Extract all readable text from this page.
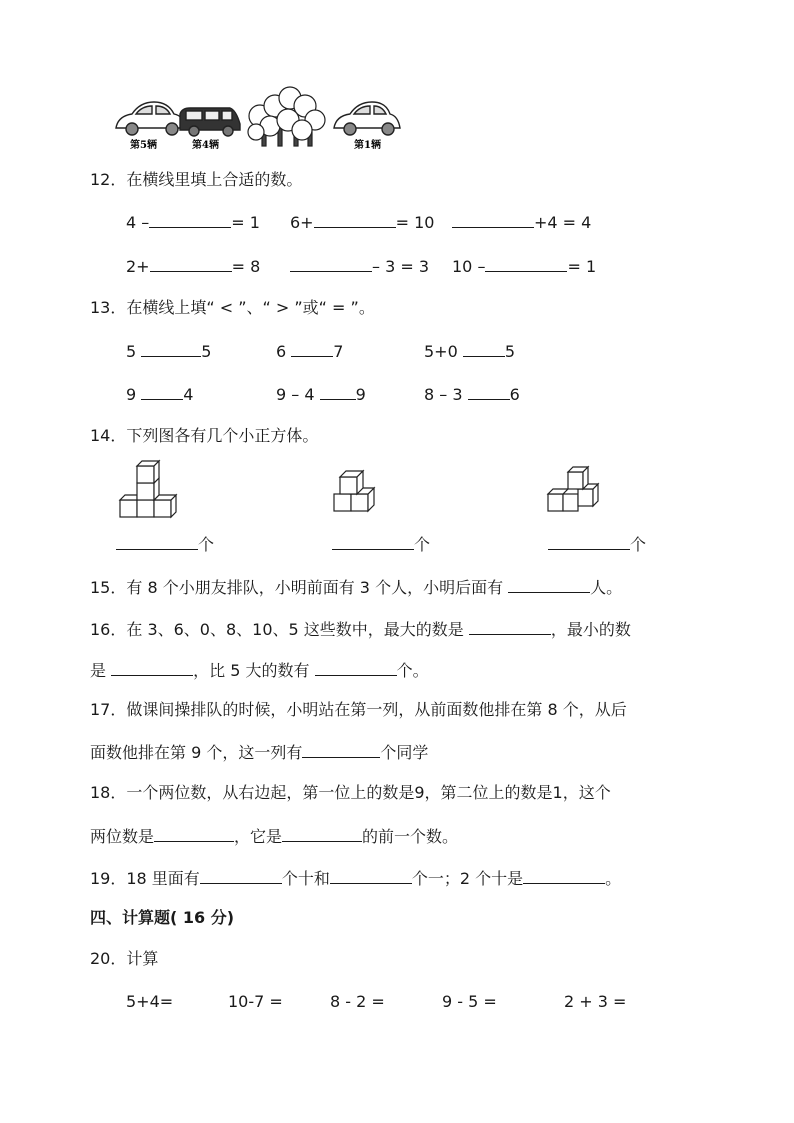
第5辆	第4辆	第1辆
12．在横线里填上合适的数。
4 –	= 1 6+	= 10	+4 = 4
2+	= 8	– 3 = 3 10 –	= 1
13．在横线上填“ < ”、“ > ”或“ = ”。
5	5	6	7	5+0	5
9	4	9 – 4	9	8 – 3	6
14．下列图各有几个小正方体。
个	个	个
15．有 8 个小朋友排队，小明前面有 3 个人，小明后面有	人。
16．在 3、6、0、8、10、5 这些数中，最大的数是	，最小的数
是	，比 5 大的数有	个。
17．做课间操排队的时候，小明站在第一列，从前面数他排在第 8 个，从后
面数他排在第 9 个，这一列有	个同学
18．一个两位数，从右边起，第一位上的数是9，第二位上的数是1，这个
两位数是	，它是	的前一个数。
19．18 里面有	个十和	个一；2 个十是	。
四、计算题( 16 分)
20．计算
5+4=	10-7 =	8 - 2 =	9 - 5 =	2 + 3 =
